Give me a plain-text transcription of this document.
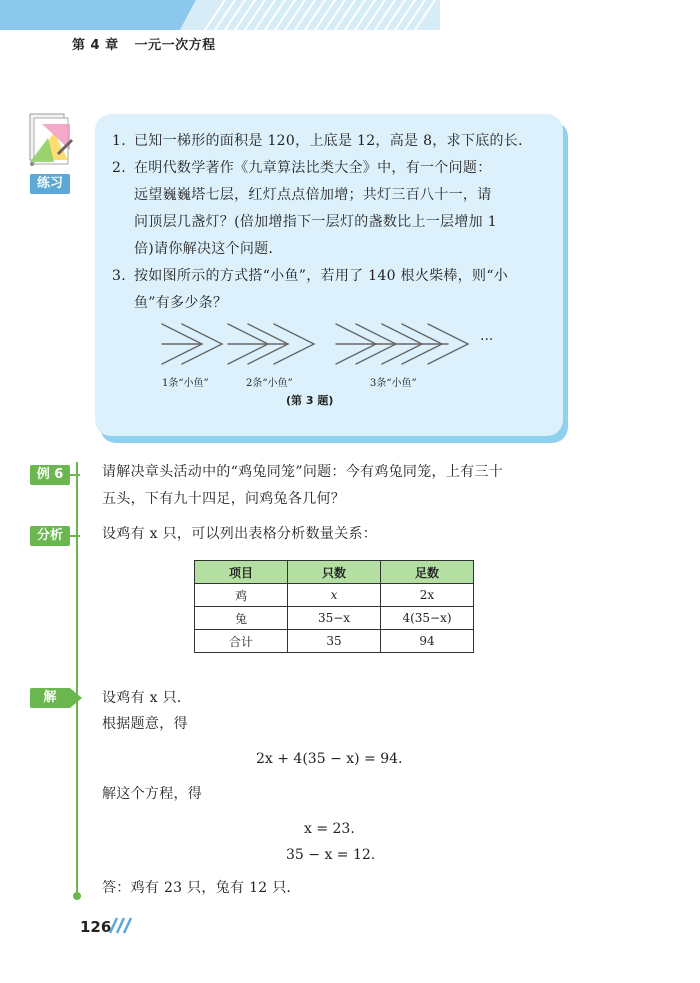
第 4 章 一元一次方程
练习
1. 已知一梯形的面积是 120，上底是 12，高是 8，求下底的长．
2. 在明代数学著作《九章算法比类大全》中，有一个问题：
远望巍巍塔七层，红灯点点倍加增；共灯三百八十一，请
问顶层几盏灯？(倍加增指下一层灯的盏数比上一层增加 1
倍)请你解决这个问题．
3. 按如图所示的方式搭“小鱼”，若用了 140 根火柴棒，则“小
鱼”有多少条？
···
1条“小鱼”	2条“小鱼”	3条“小鱼”
(第 3 题)
例 6	请解决章头活动中的“鸡兔同笼”问题：今有鸡兔同笼，上有三十
五头，下有九十四足，问鸡兔各几何？
分析	设鸡有 x 只，可以列出表格分析数量关系：
项目	只数	足数
鸡	x	2x
兔	35−x	4(35−x)
合计	35	94
解	设鸡有 x 只．
根据题意，得
2x + 4(35 − x) = 94.
解这个方程，得
x = 23.
35 − x = 12.
答：鸡有 23 只，兔有 12 只．
126
